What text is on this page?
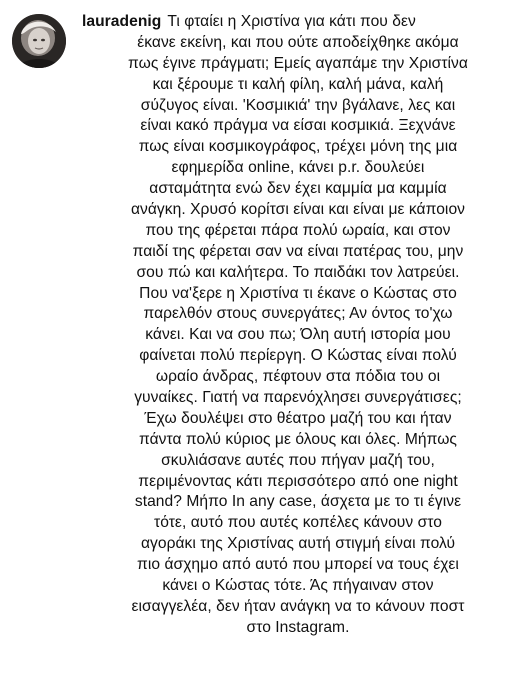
lauradenig Τι φταίει η Χριστίνα για κάτι που δεν
έκανε εκείνη, και που ούτε αποδείχθηκε ακόμα
πως έγινε πράγματι; Εμείς αγαπάμε την Χριστίνα
και ξέρουμε τι καλή φίλη, καλή μάνα, καλή
σύζυγος είναι. 'Κοσμικιά' την βγάλανε, λες και
είναι κακό πράγμα να είσαι κοσμικιά. Ξεχνάνε
πως είναι κοσμικογράφος, τρέχει μόνη της μια
εφημερίδα online, κάνει p.r. δουλεύει
ασταμάτητα ενώ δεν έχει καμμία μα καμμία
ανάγκη. Χρυσό κορίτσι είναι και είναι με κάποιον
που της φέρεται πάρα πολύ ωραία, και στον
παιδί της φέρεται σαν να είναι πατέρας του, μην
σου πώ και καλήτερα. Το παιδάκι τον λατρεύει.
Που να'ξερε η Χριστίνα τι έκανε ο Κώστας στο
παρελθόν στους συνεργάτες; Αν όντος το'χω
κάνει. Και να σου πω; Όλη αυτή ιστορία μου
φαίνεται πολύ περίεργη. Ο Κώστας είναι πολύ
ωραίο άνδρας, πέφτουν στα πόδια του οι
γυναίκες. Γιατή να παρενόχλησει συνεργάτισες;
Έχω δουλέψει στο θέατρο μαζή του και ήταν
πάντα πολύ κύριος με όλους και όλες. Μήπως
σκυλιάσανε αυτές που πήγαν μαζή του,
περιμένοντας κάτι περισσότερο από one night
stand? Μήπο In any case, άσχετα με το τι έγινε
τότε, αυτό που αυτές κοπέλες κάνουν στο
αγοράκι της Χριστίνας αυτή στιγμή είναι πολύ
πιο άσχημο από αυτό που μπορεί να τους έχει
κάνει ο Κώστας τότε. Άς πήγαιναν στον
εισαγγελέα, δεν ήταν ανάγκη να το κάνουν ποστ
στο Instagram.
